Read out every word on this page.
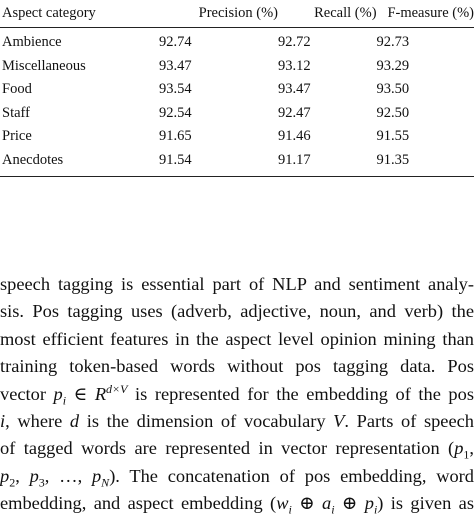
Aspect category	Precision (%)	Recall (%)	F-measure (%)
Ambience	92.74	92.72	92.73
Miscellaneous	93.47	93.12	93.29
Food	93.54	93.47	93.50
Staff	92.54	92.47	92.50
Price	91.65	91.46	91.55
Anecdotes	91.54	91.17	91.35
speech tagging is essential part of NLP and sentiment analy-
sis. Pos tagging uses (adverb, adjective, noun, and verb) the
most efficient features in the aspect level opinion mining than
training token-based words without pos tagging data. Pos
vector $p_i$ ∈ $R^{d\times V}$ is represented for the embedding of the pos
i, where d is the dimension of vocabulary V. Parts of speech
of tagged words are represented in vector representation ($p_1$,
$p_2$, $p_3$, …, $p_N$). The concatenation of pos embedding, word
embedding, and aspect embedding ($w_i$ ⊕ $a_i$ ⊕ $p_i$) is given as
